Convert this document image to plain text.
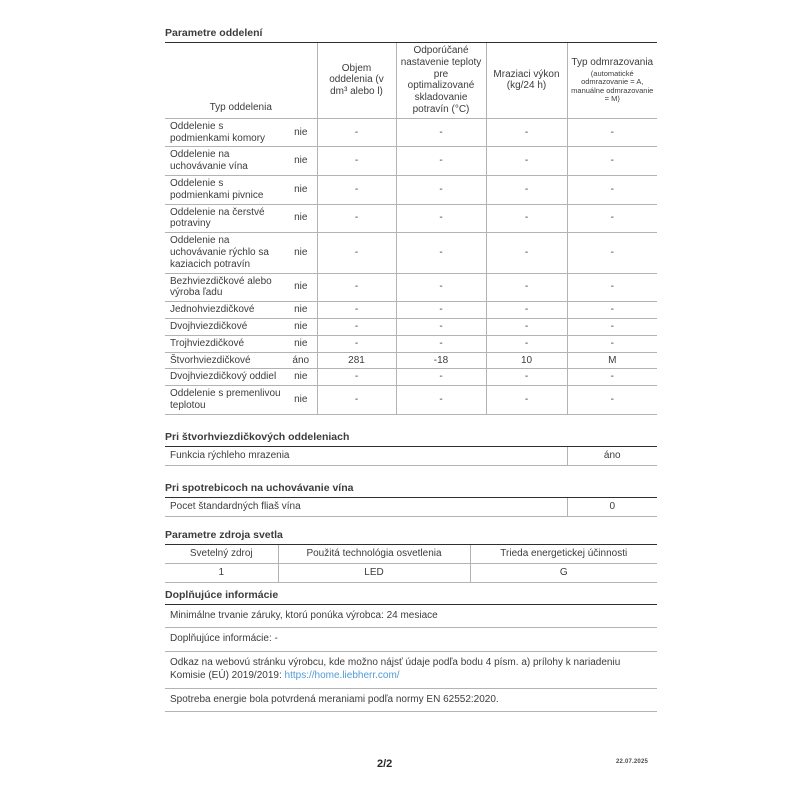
Parametre oddelení
Typ oddelenia		Objem oddelenia (v dm³ alebo l)	Odporúčané nastavenie teploty pre optimalizované skladovanie potravín (°C)	Mraziaci výkon (kg/24 h)	Typ odmrazovania
(automatické odmrazovanie = A, manuálne odmrazovanie = M)

Oddelenie s podmienkami komory	nie	-	-	-	-
Oddelenie na uchovávanie vína	nie	-	-	-	-
Oddelenie s podmienkami pivnice	nie	-	-	-	-
Oddelenie na čerstvé potraviny	nie	-	-	-	-
Oddelenie na uchovávanie rýchlo sa kaziacich potravín	nie	-	-	-	-
Bezhviezdičkové alebo výroba ľadu	nie	-	-	-	-
Jednohviezdičkové	nie	-	-	-	-
Dvojhviezdičkové	nie	-	-	-	-
Trojhviezdičkové	nie	-	-	-	-
Štvorhviezdičkové	áno	281	-18	10	M
Dvojhviezdičkový oddiel	nie	-	-	-	-
Oddelenie s premenlivou teplotou	nie	-	-	-	-
Pri štvorhviezdičkových oddeleniach
Funkcia rýchleho mrazenia	áno
Pri spotrebicoch na uchovávanie vína
Pocet štandardných fliaš vína	0
Parametre zdroja svetla
Svetelný zdroj	Použitá technológia osvetlenia	Trieda energetickej účinnosti
1	LED	G
Doplňujúce informácie
Minimálne trvanie záruky, ktorú ponúka výrobca: 24 mesiace
Doplňujúce informácie: -
Odkaz na webovú stránku výrobcu, kde možno nájsť údaje podľa bodu 4 písm. a) prílohy k nariadeniu Komisie (EÚ) 2019/2019: https://home.liebherr.com/
Spotreba energie bola potvrdená meraniami podľa normy EN 62552:2020.
2/2	22.07.2025
